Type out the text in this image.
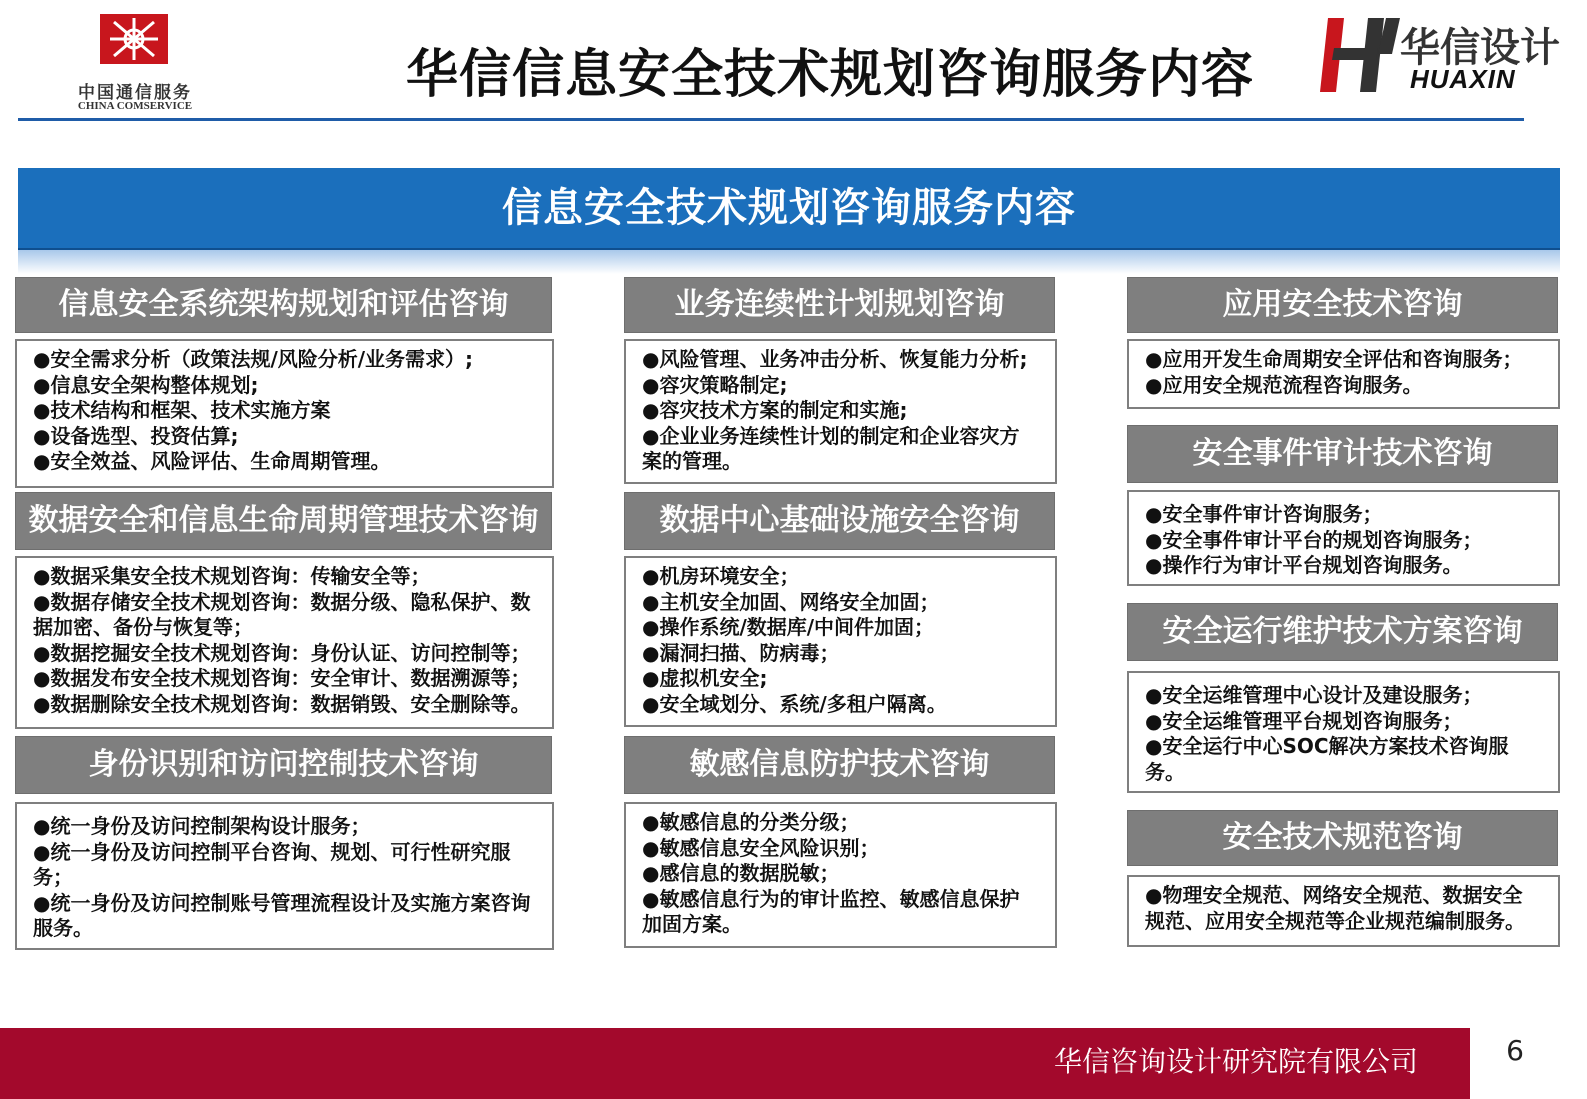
中国通信服务
CHINA COMSERVICE
华信信息安全技术规划咨询服务内容	华信设计
HUAXIN
信息安全技术规划咨询服务内容
信息安全系统架构规划和评估咨询
●安全需求分析（政策法规/风险分析/业务需求）;
●信息安全架构整体规划;
●技术结构和框架、技术实施方案
●设备选型、投资估算;
●安全效益、风险评估、生命周期管理。
数据安全和信息生命周期管理技术咨询
●数据采集安全技术规划咨询：传输安全等；
●数据存储安全技术规划咨询：数据分级、隐私保护、数据加密、备份与恢复等；
●数据挖掘安全技术规划咨询：身份认证、访问控制等；
●数据发布安全技术规划咨询：安全审计、数据溯源等；
●数据删除安全技术规划咨询：数据销毁、安全删除等。
身份识别和访问控制技术咨询
●统一身份及访问控制架构设计服务；
●统一身份及访问控制平台咨询、规划、可行性研究服务；
●统一身份及访问控制账号管理流程设计及实施方案咨询服务。
业务连续性计划规划咨询
●风险管理、业务冲击分析、恢复能力分析;
●容灾策略制定;
●容灾技术方案的制定和实施;
●企业业务连续性计划的制定和企业容灾方案的管理。
数据中心基础设施安全咨询
●机房环境安全；
●主机安全加固、网络安全加固；
●操作系统/数据库/中间件加固；
●漏洞扫描、防病毒；
●虚拟机安全;
●安全域划分、系统/多租户隔离。
敏感信息防护技术咨询
●敏感信息的分类分级；
●敏感信息安全风险识别；
●感信息的数据脱敏；
●敏感信息行为的审计监控、敏感信息保护加固方案。
应用安全技术咨询
●应用开发生命周期安全评估和咨询服务；
●应用安全规范流程咨询服务。
安全事件审计技术咨询
●安全事件审计咨询服务；
●安全事件审计平台的规划咨询服务；
●操作行为审计平台规划咨询服务。
安全运行维护技术方案咨询
●安全运维管理中心设计及建设服务；
●安全运维管理平台规划咨询服务；
●安全运行中心SOC解决方案技术咨询服务。
安全技术规范咨询
●物理安全规范、网络安全规范、数据安全规范、应用安全规范等企业规范编制服务。
华信咨询设计研究院有限公司	6
